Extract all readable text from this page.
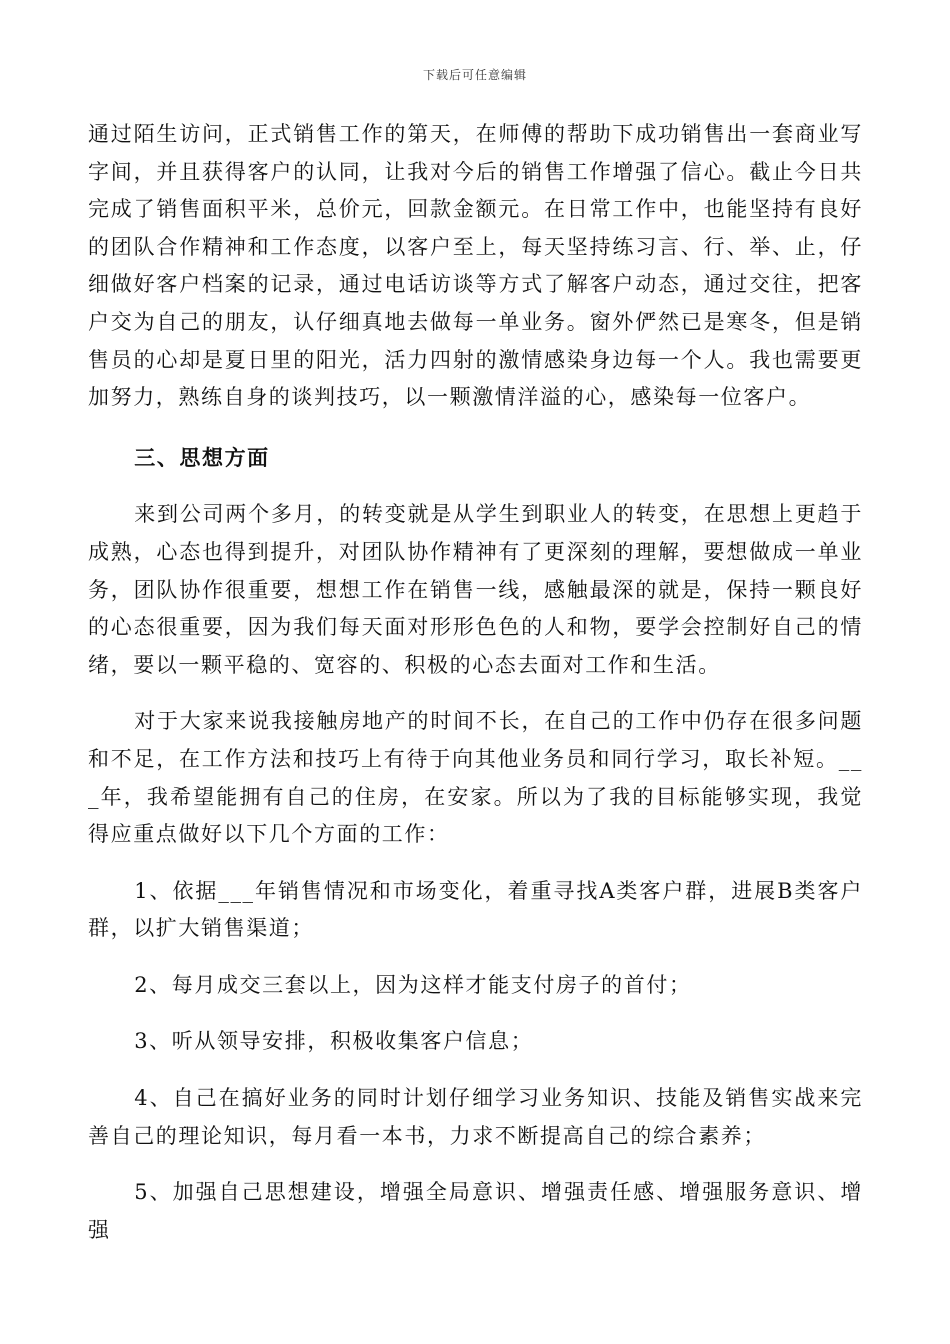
下载后可任意编辑

通过陌生访问，正式销售工作的第天，在师傅的帮助下成功销售出一套商业写字间，并且获得客户的认同，让我对今后的销售工作增强了信心。截止今日共完成了销售面积平米，总价元，回款金额元。在日常工作中，也能坚持有良好的团队合作精神和工作态度，以客户至上，每天坚持练习言、行、举、止，仔细做好客户档案的记录，通过电话访谈等方式了解客户动态，通过交往，把客户交为自己的朋友，认仔细真地去做每一单业务。窗外俨然已是寒冬，但是销售员的心却是夏日里的阳光，活力四射的激情感染身边每一个人。我也需要更加努力，熟练自身的谈判技巧，以一颗激情洋溢的心，感染每一位客户。

三、思想方面

来到公司两个多月，的转变就是从学生到职业人的转变，在思想上更趋于成熟，心态也得到提升，对团队协作精神有了更深刻的理解，要想做成一单业务，团队协作很重要，想想工作在销售一线，感触最深的就是，保持一颗良好的心态很重要，因为我们每天面对形形色色的人和物，要学会控制好自己的情绪，要以一颗平稳的、宽容的、积极的心态去面对工作和生活。

对于大家来说我接触房地产的时间不长，在自己的工作中仍存在很多问题和不足，在工作方法和技巧上有待于向其他业务员和同行学习，取长补短。___年，我希望能拥有自己的住房，在安家。所以为了我的目标能够实现，我觉得应重点做好以下几个方面的工作：

1、依据___年销售情况和市场变化，着重寻找A类客户群，进展B类客户群，以扩大销售渠道；

2、每月成交三套以上，因为这样才能支付房子的首付；

3、听从领导安排，积极收集客户信息；

4、自己在搞好业务的同时计划仔细学习业务知识、技能及销售实战来完善自己的理论知识，每月看一本书，力求不断提高自己的综合素养；

5、加强自己思想建设，增强全局意识、增强责任感、增强服务意识、增强
